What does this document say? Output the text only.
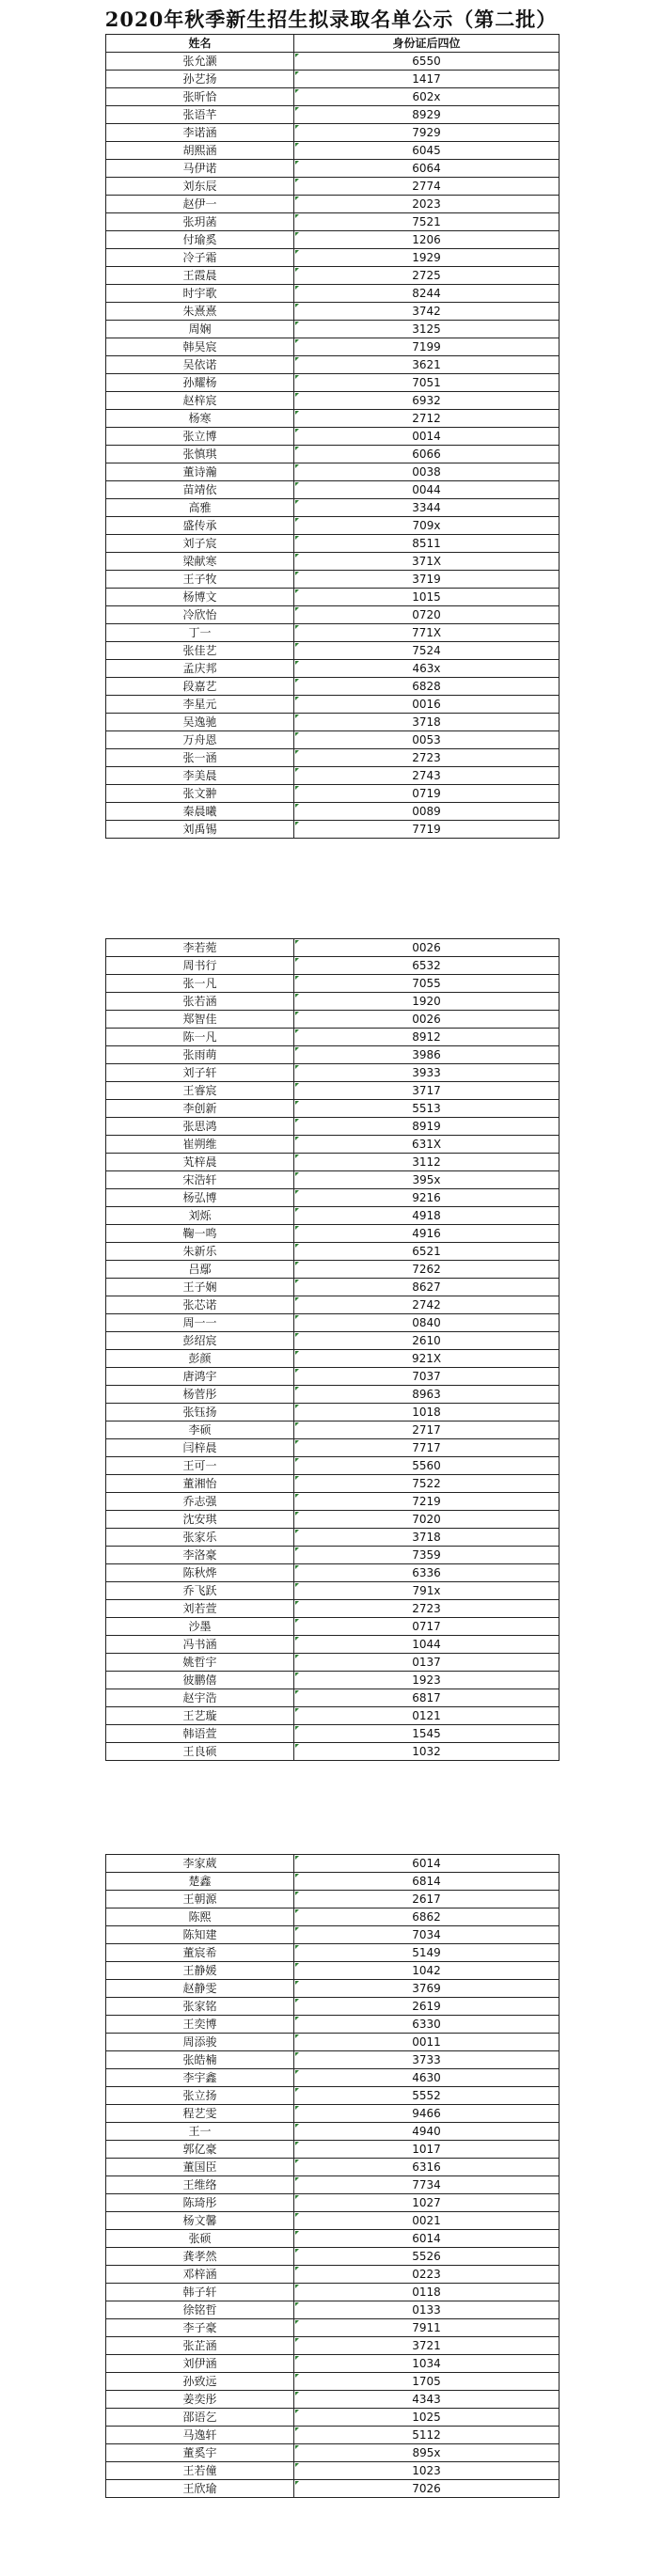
2020年秋季新生招生拟录取名单公示（第二批）
姓名	身份证后四位
张允灏	6550
孙艺扬	1417
张昕恰	602x
张语芊	8929
李诺涵	7929
胡熙涵	6045
马伊诺	6064
刘东辰	2774
赵伊一	2023
张玥菡	7521
付瑜奚	1206
冷子霜	1929
王霞晨	2725
时宇歌	8244
朱熹熹	3742
周娴	3125
韩昊宸	7199
吴依诺	3621
孙耀杨	7051
赵梓宸	6932
杨寒	2712
张立博	0014
张慎琪	6066
董诗瀚	0038
苗靖依	0044
高雅	3344
盛传承	709x
刘子宸	8511
梁献寒	371X
王子牧	3719
杨博文	1015
冷欣怡	0720
丁一	771X
张佳艺	7524
孟庆邦	463x
段嘉艺	6828
李星元	0016
吴逸驰	3718
万舟恩	0053
张一涵	2723
李美晨	2743
张文翀	0719
秦晨曦	0089
刘禹锡	7719
李若菀	0026
周书行	6532
张一凡	7055
张若涵	1920
郑智佳	0026
陈一凡	8912
张雨萌	3986
刘子轩	3933
王睿宸	3717
李创新	5513
张思鸿	8919
崔朔维	631X
芄梓晨	3112
宋浩轩	395x
杨弘博	9216
刘烁	4918
鞠一鸣	4916
朱新乐	6521
吕鄢	7262
王子娴	8627
张芯诺	2742
周一一	0840
彭绍宸	2610
彭颜	921X
唐鸿宇	7037
杨菅彤	8963
张钰扬	1018
李硕	2717
闫梓晨	7717
王可一	5560
董湘怡	7522
乔志强	7219
沈安琪	7020
张家乐	3718
李洛豪	7359
陈秋烨	6336
乔飞跃	791x
刘若萱	2723
沙墨	0717
冯书涵	1044
姚哲宇	0137
彼鹏僖	1923
赵宇浩	6817
王艺璇	0121
韩语萱	1545
王良硕	1032
李家葳	6014
楚鑫	6814
王朝源	2617
陈熙	6862
陈知建	7034
董宸希	5149
王静媛	1042
赵静雯	3769
张家铭	2619
王奕博	6330
周添骏	0011
张皓楠	3733
李宇鑫	4630
张立扬	5552
程艺雯	9466
王一	4940
郭亿豪	1017
董国臣	6316
王维络	7734
陈琦彤	1027
杨文馨	0021
张硕	6014
龚孝然	5526
邓梓涵	0223
韩子轩	0118
徐铭哲	0133
李子豪	7911
张芷涵	3721
刘伊涵	1034
孙致远	1705
姜奕彤	4343
邵语乞	1025
马逸轩	5112
董奚宇	895x
王若僮	1023
王欣瑜	7026
